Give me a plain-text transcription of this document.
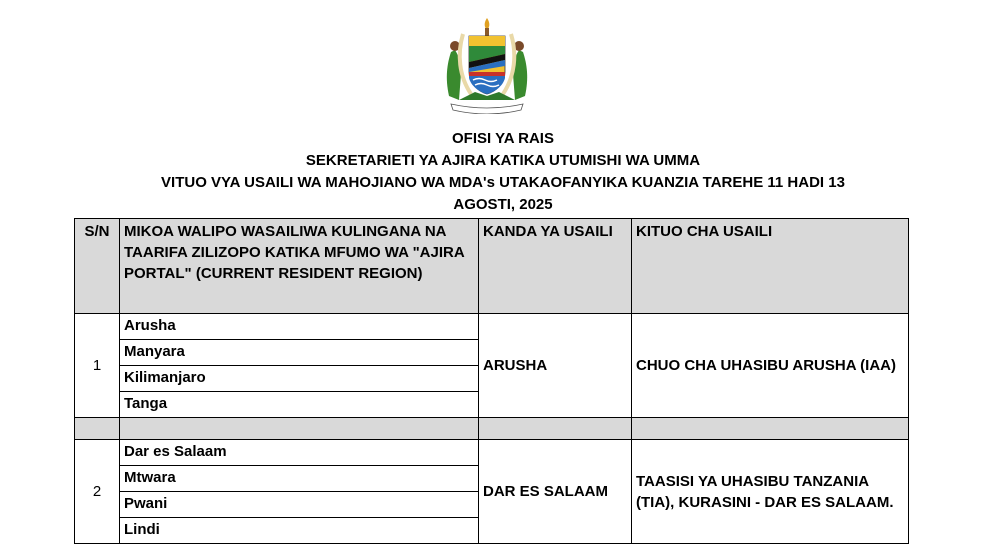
OFISI YA RAIS
SEKRETARIETI YA AJIRA KATIKA UTUMISHI WA UMMA
VITUO VYA USAILI WA MAHOJIANO WA MDA's UTAKAOFANYIKA KUANZIA TAREHE 11 HADI 13
AGOSTI, 2025
S/N	MIKOA WALIPO WASAILIWA KULINGANA NA TAARIFA ZILIZOPO KATIKA MFUMO WA "AJIRA PORTAL" (CURRENT RESIDENT REGION)	KANDA YA USAILI	KITUO CHA USAILI
1	Arusha	ARUSHA	CHUO CHA UHASIBU ARUSHA (IAA)
	Manyara		
	Kilimanjaro		
	Tanga		

2	Dar es Salaam	DAR ES SALAAM	TAASISI YA UHASIBU TANZANIA (TIA), KURASINI - DAR ES SALAAM.
	Mtwara		
	Pwani		
	Lindi		
